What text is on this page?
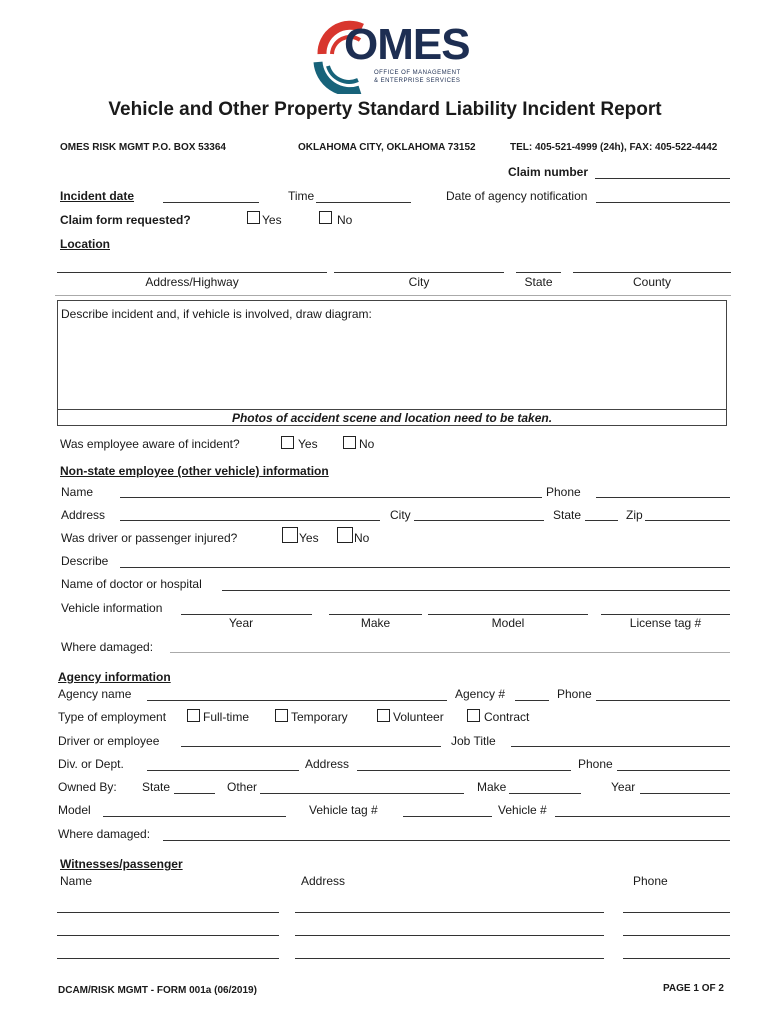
OMES
OFFICE OF MANAGEMENT
& ENTERPRISE SERVICES
Vehicle and Other Property Standard Liability Incident Report
OMES RISK MGMT P.O. BOX 53364	OKLAHOMA CITY, OKLAHOMA 73152	TEL: 405-521-4999 (24h), FAX: 405-522-4442
Claim number
Incident date	Time	Date of agency notification
Claim form requested?	Yes	No
Location
Address/Highway	City	State	County
Describe incident and, if vehicle is involved, draw diagram:
Photos of accident scene and location need to be taken.
Was employee aware of incident?	Yes	No
Non-state employee (other vehicle) information
Name	Phone
Address	City	State	Zip
Was driver or passenger injured?	Yes	No
Describe
Name of doctor or hospital
Vehicle information
Year	Make	Model	License tag #
Where damaged:
Agency information
Agency name	Agency #	Phone
Type of employment	Full-time	Temporary	Volunteer	Contract
Driver or employee	Job Title
Div. or Dept.	Address	Phone
Owned By: State	Other	Make	Year
Model	Vehicle tag #	Vehicle #
Where damaged:
Witnesses/passenger
Name	Address	Phone
DCAM/RISK MGMT - FORM 001a (06/2019)	PAGE 1 OF 2
